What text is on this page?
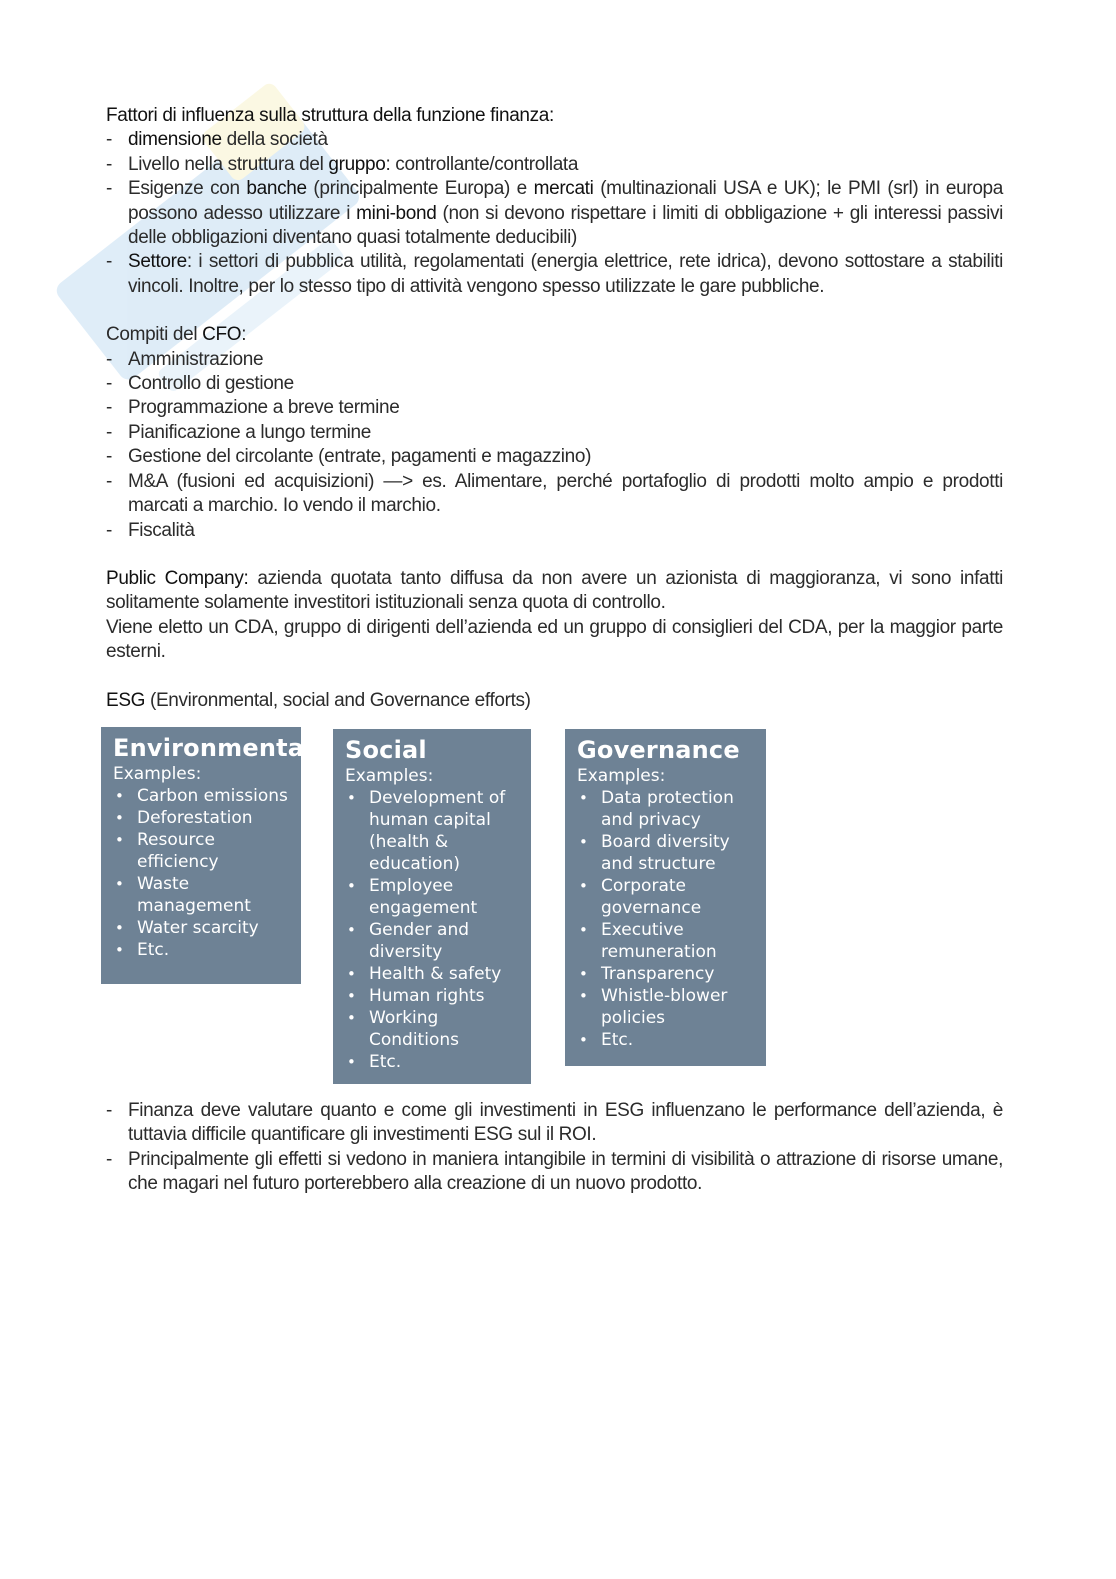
Fattori di influenza sulla struttura della funzione finanza:

- dimensione della società
- Livello nella struttura del gruppo: controllante/controllata
- Esigenze con banche (principalmente Europa) e mercati (multinazionali USA e UK); le PMI (srl) in europa possono adesso utilizzare i mini-bond (non si devono rispettare i limiti di obbligazione + gli interessi passivi delle obbligazioni diventano quasi totalmente deducibili)
- Settore: i settori di pubblica utilità, regolamentati (energia elettrice, rete idrica), devono sottostare a stabiliti vincoli. Inoltre, per lo stesso tipo di attività vengono spesso utilizzate le gare pubbliche.

Compiti del CFO:

- Amministrazione
- Controllo di gestione
- Programmazione a breve termine
- Pianificazione a lungo termine
- Gestione del circolante (entrate, pagamenti e magazzino)
- M&A (fusioni ed acquisizioni) —> es. Alimentare, perché portafoglio di prodotti molto ampio e prodotti marcati a marchio. Io vendo il marchio.
- Fiscalità

Public Company: azienda quotata tanto diffusa da non avere un azionista di maggioranza, vi sono infatti solitamente solamente investitori istituzionali senza quota di controllo.

Viene eletto un CDA, gruppo di dirigenti dell’azienda ed un gruppo di consiglieri del CDA, per la maggior parte esterni.

ESG (Environmental, social and Governance efforts)

Environmental
Examples:
• Carbon emissions
• Deforestation
• Resource efficiency
• Waste management
• Water scarcity
• Etc.
Social
Examples:
• Development of human capital (health & education)
• Employee engagement
• Gender and diversity
• Health & safety
• Human rights
• Working Conditions
• Etc.
Governance
Examples:
• Data protection and privacy
• Board diversity and structure
• Corporate governance
• Executive remuneration
• Transparency
• Whistle-blower policies
• Etc.
- Finanza deve valutare quanto e come gli investimenti in ESG influenzano le performance dell’azienda, è tuttavia difficile quantificare gli investimenti ESG sul il ROI.
- Principalmente gli effetti si vedono in maniera intangibile in termini di visibilità o attrazione di risorse umane, che magari nel futuro porterebbero alla creazione di un nuovo prodotto.
